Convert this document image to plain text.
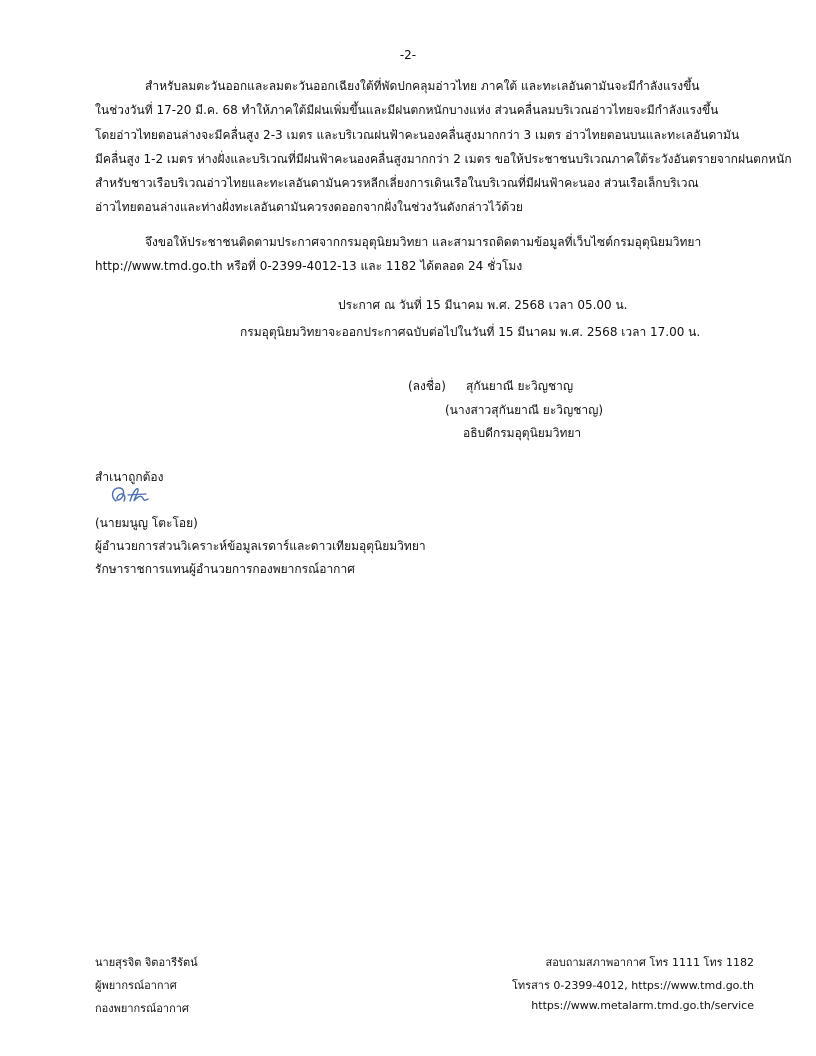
-2-
สำหรับลมตะวันออกและลมตะวันออกเฉียงใต้ที่พัดปกคลุมอ่าวไทย ภาคใต้ และทะเลอันดามันจะมีกำลังแรงขึ้น
ในช่วงวันที่ 17-20 มี.ค. 68 ทำให้ภาคใต้มีฝนเพิ่มขึ้นและมีฝนตกหนักบางแห่ง ส่วนคลื่นลมบริเวณอ่าวไทยจะมีกำลังแรงขึ้น
โดยอ่าวไทยตอนล่างจะมีคลื่นสูง 2-3 เมตร และบริเวณฝนฟ้าคะนองคลื่นสูงมากกว่า 3 เมตร อ่าวไทยตอนบนและทะเลอันดามัน
มีคลื่นสูง 1-2 เมตร ห่างฝั่งและบริเวณที่มีฝนฟ้าคะนองคลื่นสูงมากกว่า 2 เมตร ขอให้ประชาชนบริเวณภาคใต้ระวังอันตรายจากฝนตกหนัก
สำหรับชาวเรือบริเวณอ่าวไทยและทะเลอันดามันควรหลีกเลี่ยงการเดินเรือในบริเวณที่มีฝนฟ้าคะนอง ส่วนเรือเล็กบริเวณ
อ่าวไทยตอนล่างและท่างฝั่งทะเลอันดามันควรงดออกจากฝั่งในช่วงวันดังกล่าวไว้ด้วย
จึงขอให้ประชาชนติดตามประกาศจากกรมอุตุนิยมวิทยา และสามารถติดตามข้อมูลที่เว็บไซต์กรมอุตุนิยมวิทยา
http://www.tmd.go.th หรือที่ 0-2399-4012-13 และ 1182 ได้ตลอด 24 ชั่วโมง
ประกาศ ณ วันที่ 15 มีนาคม พ.ศ. 2568 เวลา 05.00 น.
กรมอุตุนิยมวิทยาจะออกประกาศฉบับต่อไปในวันที่ 15 มีนาคม พ.ศ. 2568 เวลา 17.00 น.
(ลงชื่อ) สุกันยาณี ยะวิญชาญ
(นางสาวสุกันยาณี ยะวิญชาญ)
อธิบดีกรมอุตุนิยมวิทยา
สำเนาถูกต้อง
(นายมนูญ โตะโอย)
ผู้อำนวยการส่วนวิเคราะห์ข้อมูลเรดาร์และดาวเทียมอุตุนิยมวิทยา
รักษาราชการแทนผู้อำนวยการกองพยากรณ์อากาศ
นายสุรจิต จิตอารีรัตน์
ผู้พยากรณ์อากาศ
กองพยากรณ์อากาศ
สอบถามสภาพอากาศ โทร 1111 โทร 1182
โทรสาร 0-2399-4012, https://www.tmd.go.th
https://www.metalarm.tmd.go.th/service
